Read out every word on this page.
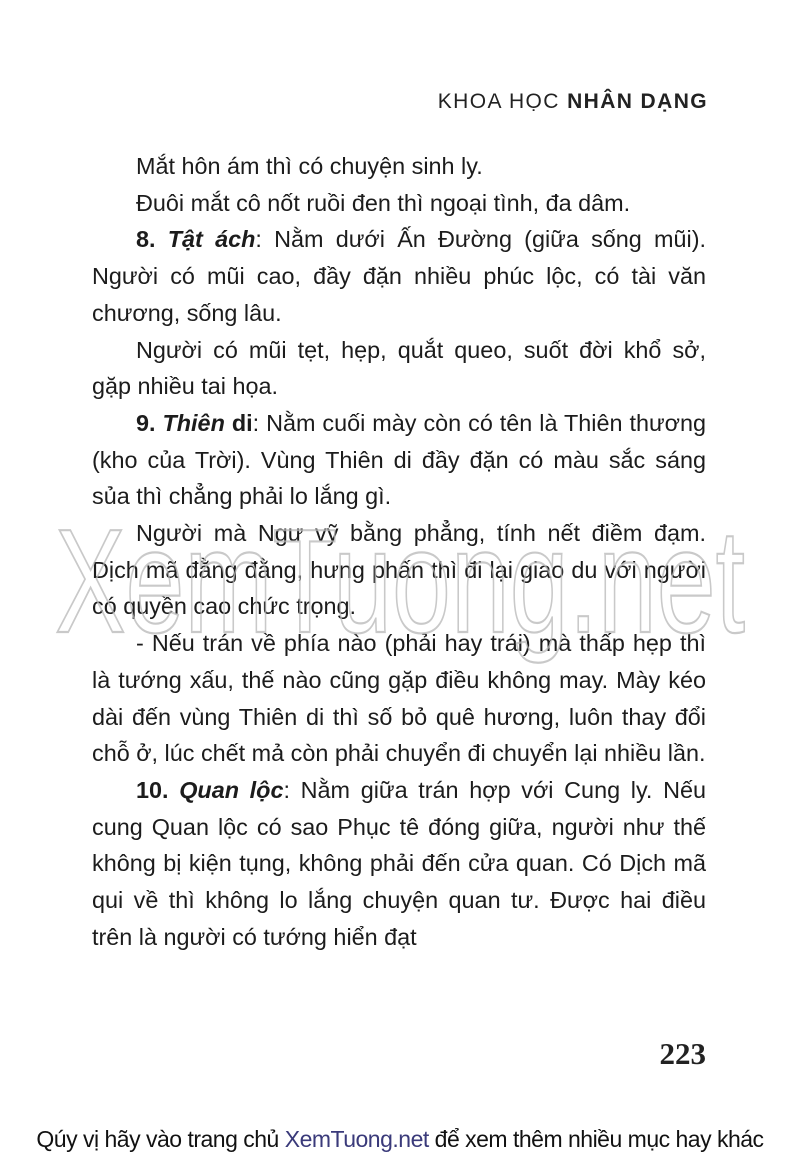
KHOA HỌC NHÂN DẠNG

Mắt hôn ám thì có chuyện sinh ly.

Đuôi mắt cô nốt ruồi đen thì ngoại tình, đa dâm.

8. Tật ách: Nằm dưới Ấn Đường (giữa sống mũi). Người có mũi cao, đầy đặn nhiều phúc lộc, có tài văn chương, sống lâu.

Người có mũi tẹt, hẹp, quắt queo, suốt đời khổ sở, gặp nhiều tai họa.

9. Thiên di: Nằm cuối mày còn có tên là Thiên thương (kho của Trời). Vùng Thiên di đầy đặn có màu sắc sáng sủa thì chẳng phải lo lắng gì.

Người mà Ngư vỹ bằng phẳng, tính nết điềm đạm. Dịch mã đằng đằng, hưng phấn thì đi lại giao du với người có quyền cao chức trọng.

- Nếu trán về phía nào (phải hay trái) mà thấp hẹp thì là tướng xấu, thế nào cũng gặp điều không may. Mày kéo dài đến vùng Thiên di thì số bỏ quê hương, luôn thay đổi chỗ ở, lúc chết mả còn phải chuyển đi chuyển lại nhiều lần.

10. Quan lộc: Nằm giữa trán hợp với Cung ly. Nếu cung Quan lộc có sao Phục tê đóng giữa, người như thế không bị kiện tụng, không phải đến cửa quan. Có Dịch mã qui về thì không lo lắng chuyện quan tư. Được hai điều trên là người có tướng hiển đạt

XemTuong.net
223
Qúy vị hãy vào trang chủ XemTuong.net để xem thêm nhiều mục hay khác
